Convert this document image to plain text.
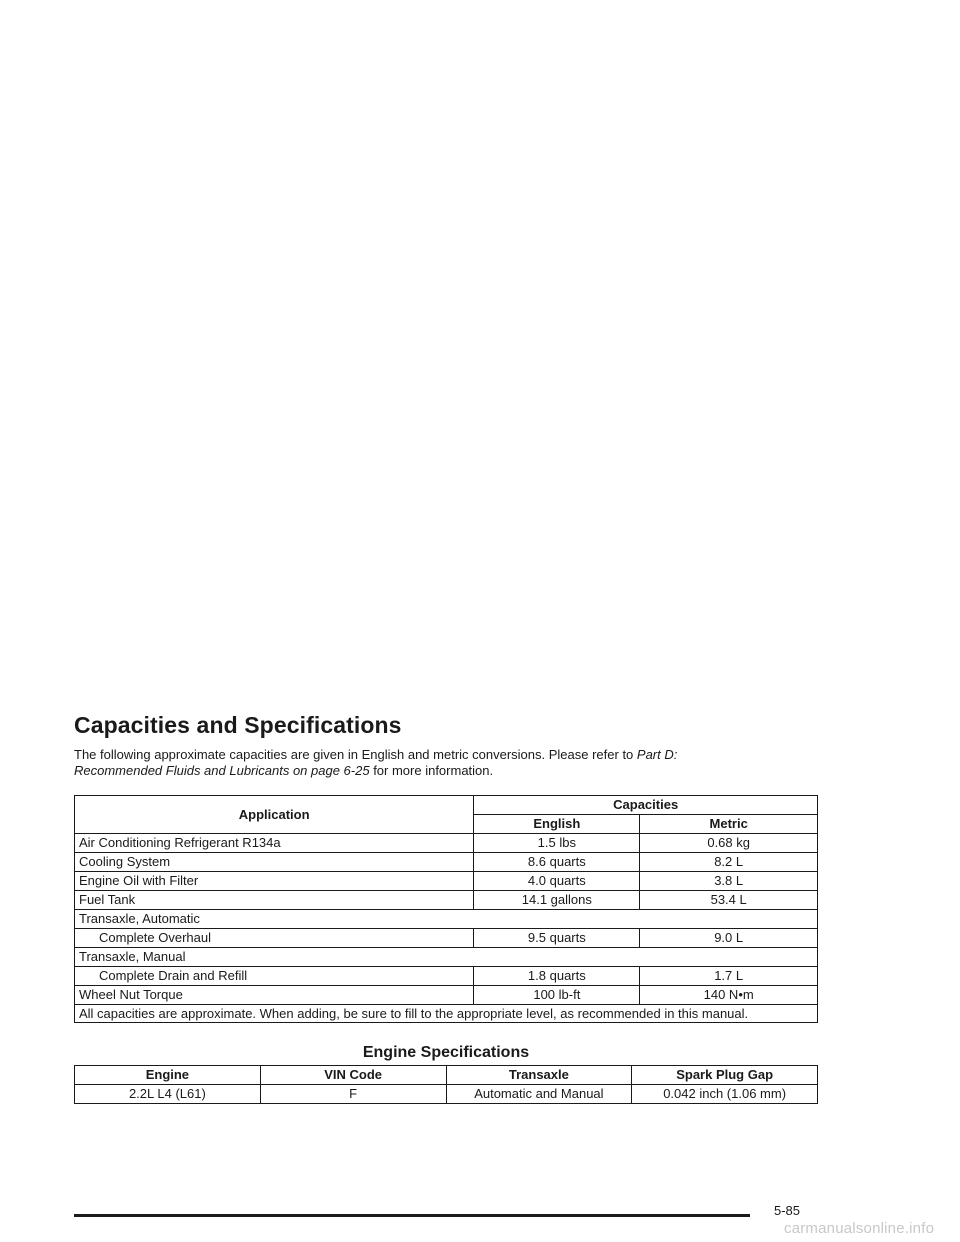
Capacities and Specifications

The following approximate capacities are given in English and metric conversions. Please refer to Part D: Recommended Fluids and Lubricants on page 6-25 for more information.

Application	Capacities	
	English	Metric
Air Conditioning Refrigerant R134a	1.5 lbs	0.68 kg
Cooling System	8.6 quarts	8.2 L
Engine Oil with Filter	4.0 quarts	3.8 L
Fuel Tank	14.1 gallons	53.4 L
Transaxle, Automatic		
Complete Overhaul	9.5 quarts	9.0 L
Transaxle, Manual		
Complete Drain and Refill	1.8 quarts	1.7 L
Wheel Nut Torque	100 lb-ft	140 N•m
All capacities are approximate. When adding, be sure to fill to the appropriate level, as recommended in this manual.		
Engine Specifications
Engine	VIN Code	Transaxle	Spark Plug Gap
2.2L L4 (L61)	F	Automatic and Manual	0.042 inch (1.06 mm)
5-85
carmanualsonline.info
